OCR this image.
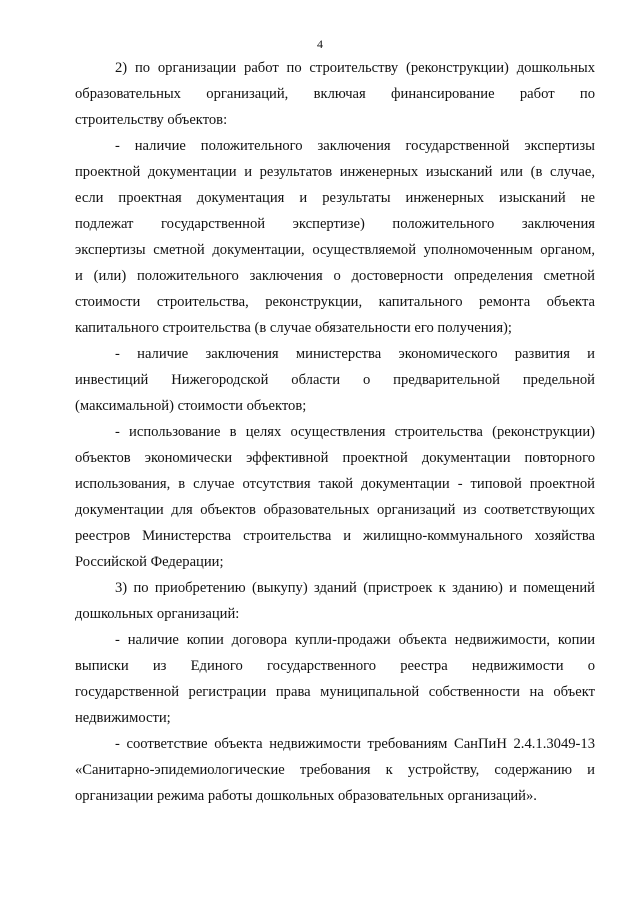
4
2) по организации работ по строительству (реконструкции) дошкольных
образовательных организаций, включая финансирование работ по
строительству объектов:
- наличие положительного заключения государственной экспертизы
проектной документации и результатов инженерных изысканий или (в случае,
если проектная документация и результаты инженерных изысканий не
подлежат государственной экспертизе) положительного заключения
экспертизы сметной документации, осуществляемой уполномоченным органом,
и (или) положительного заключения о достоверности определения сметной
стоимости строительства, реконструкции, капитального ремонта объекта
капитального строительства (в случае обязательности его получения);
- наличие заключения министерства экономического развития и
инвестиций Нижегородской области о предварительной предельной
(максимальной) стоимости объектов;
- использование в целях осуществления строительства (реконструкции)
объектов экономически эффективной проектной документации повторного
использования, в случае отсутствия такой документации - типовой проектной
документации для объектов образовательных организаций из соответствующих
реестров Министерства строительства и жилищно-коммунального хозяйства
Российской Федерации;
3) по приобретению (выкупу) зданий (пристроек к зданию) и помещений
дошкольных организаций:
- наличие копии договора купли-продажи объекта недвижимости, копии
выписки из Единого государственного реестра недвижимости о
государственной регистрации права муниципальной собственности на объект
недвижимости;
- соответствие объекта недвижимости требованиям СанПиН 2.4.1.3049-13
«Санитарно-эпидемиологические требования к устройству, содержанию и
организации режима работы дошкольных образовательных организаций».
